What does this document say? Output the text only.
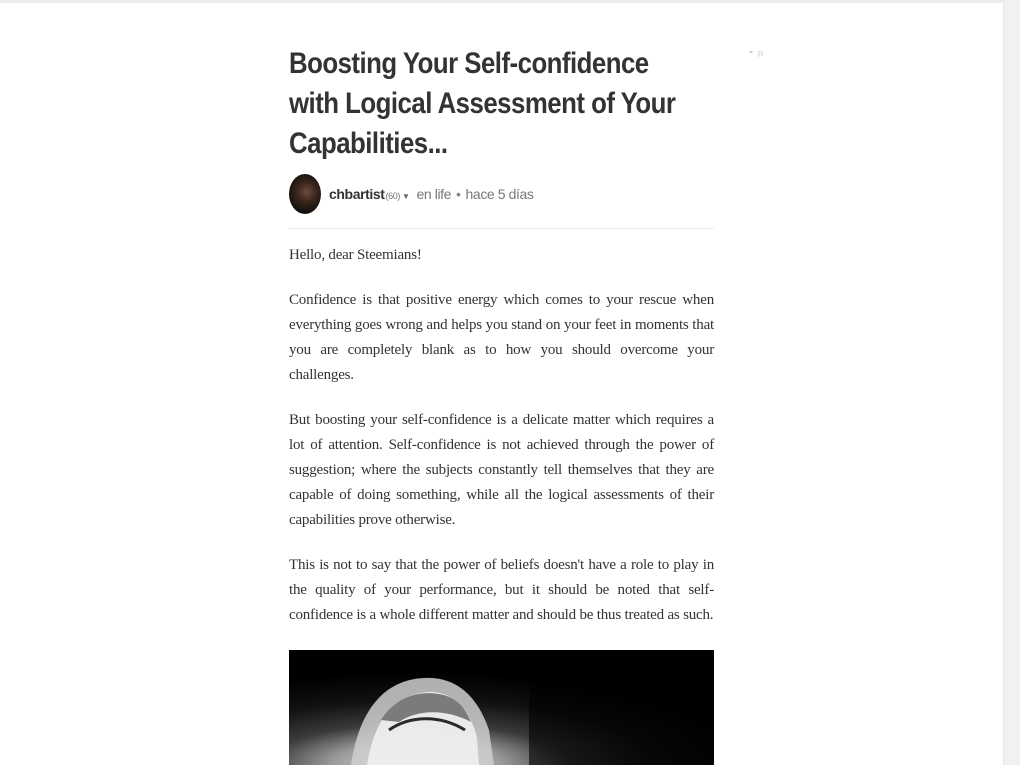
Boosting Your Self-confidence with Logical Assessment of Your Capabilities...
“ ⚐
chbartist (60) ▼ en life • hace 5 días

Hello, dear Steemians!

Confidence is that positive energy which comes to your rescue when everything goes wrong and helps you stand on your feet in moments that you are completely blank as to how you should overcome your challenges.

But boosting your self-confidence is a delicate matter which requires a lot of attention. Self-confidence is not achieved through the power of suggestion; where the subjects constantly tell themselves that they are capable of doing something, while all the logical assessments of their capabilities prove otherwise.

This is not to say that the power of beliefs doesn't have a role to play in the quality of your performance, but it should be noted that self-confidence is a whole different matter and should be thus treated as such.
